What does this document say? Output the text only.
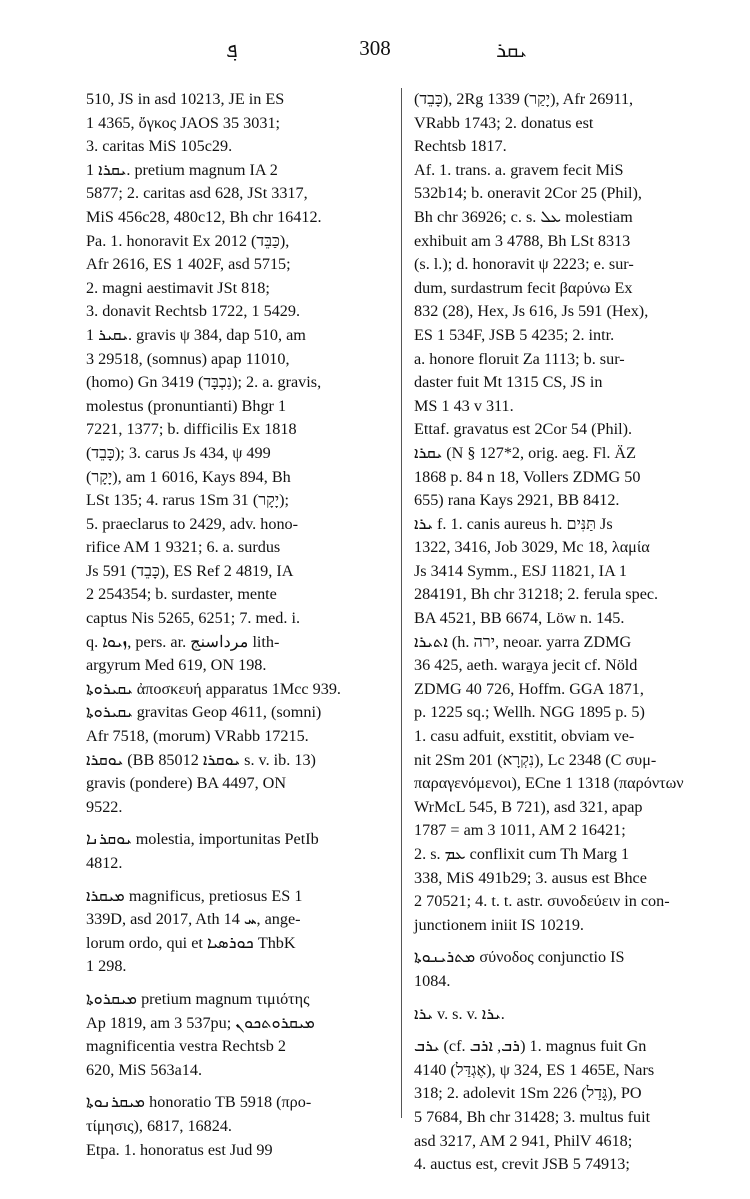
ܦ݂	308	ܝܩܪ
510, JS in asd 10213, JE in ES
1 4365, ὄγκος JAOS 35 3031;
3. caritas MiS 105c29.
ܝܩܪܐ 1. pretium magnum IA 2
5877; 2. caritas asd 628, JSt 3317,
MiS 456c28, 480c12, Bh chr 16412.
Pa. 1. honoravit Ex 2012 (כַּבֵּד),
Afr 2616, ES 1 402F, asd 5715;
2. magni aestimavit JSt 818;
3. donavit Rechtsb 1722, 1 5429.
ܝܩܝܪ 1. gravis ψ 384, dap 510, am
3 29518, (somnus) apap 11010,
(homo) Gn 3419 (נִכְבָּד); 2. a. gravis,
molestus (pronuntianti) Bhgr 1
7221, 1377; b. difficilis Ex 1818
(כָּבֵד); 3. carus Js 434, ψ 499
(יָקָר), am 1 6016, Kays 894, Bh
LSt 135; 4. rarus 1Sm 31 (יָקָר);
5. praeclarus to 2429, adv. hono-
rifice AM 1 9321; 6. a. surdus
Js 591 (כָּבֵד), ES Ref 2 4819, IA
2 254354; b. surdaster, mente
captus Nis 5265, 6251; 7. med. i.
q. ܙܝܘܐ, pers. ar. مرداسنج lith-
argyrum Med 619, ON 198.
ܝܩܝܪܘܬܐ ἀποσκευή apparatus 1Mcc 939.
ܝܩܝܪܘܬܐ gravitas Geop 4611, (somni)
Afr 7518, (morum) VRabb 17215.
ܝܘܩܪܐ (BB 85012 ܝܘܩܪܐ s. v. ib. 13)
gravis (pondere) BA 4497, ON
9522.
ܝܘܩܪܢܐ molestia, importunitas PetIb
4812.
ܡܝܩܪܐ magnificus, pretiosus ES 1
339D, asd 2017, Ath ܚ 14, ange-
lorum ordo, qui et ܟܘܪܣܝܐ ThbK
1 298.
ܡܝܩܪܘܬܐ pretium magnum τιμιότης
Ap 1819, am 3 537pu; ܡܝܩܪܘܬܟܘܢ
magnificentia vestra Rechtsb 2
620, MiS 563a14.
ܡܝܩܪܢܘܬܐ honoratio TB 5918 (προ-
τίμησις), 6817, 16824.
Etpa. 1. honoratus est Jud 99
(כָּבֵד), 2Rg 1339 (יָקַר), Afr 26911,
VRabb 1743; 2. donatus est
Rechtsb 1817.
Af. 1. trans. a. gravem fecit MiS
532b14; b. oneravit 2Cor 25 (Phil),
Bh chr 36926; c. s. ܥܠ molestiam
exhibuit am 3 4788, Bh LSt 8313
(s. l.); d. honoravit ψ 2223; e. sur-
dum, surdastrum fecit βαρύνω Ex
832 (28), Hex, Js 616, Js 591 (Hex),
ES 1 534F, JSB 5 4235; 2. intr.
a. honore floruit Za 1113; b. sur-
daster fuit Mt 1315 CS, JS in
MS 1 43 v 311.
Ettaf. gravatus est 2Cor 54 (Phil).
ܝܩܪܐ (N § 127*2, orig. aeg. Fl. ÄZ
1868 p. 84 n 18, Vollers ZDMG 50
655) rana Kays 2921, BB 8412.
ܝܪܐ f. 1. canis aureus h. תַּנִּים Js
1322, 3416, Job 3029, Mc 18, λαμία
Js 3414 Symm., ESJ 11821, IA 1
284191, Bh chr 31218; 2. ferula spec.
BA 4521, BB 6674, Löw n. 145.
ܐܬܝܪܐ (h. ירה, neoar. yarra ZDMG
36 425, aeth. wara̱ya jecit cf. Nöld
ZDMG 40 726, Hoffm. GGA 1871,
p. 1225 sq.; Wellh. NGG 1895 p. 5)
1. casu adfuit, exstitit, obviam ve-
nit 2Sm 201 (נִקְרָא), Lc 2348 (C συμ-
παραγενόμενοι), ECne 1 1318 (παρόντων
WrMcL 545, B 721), asd 321, apap
1787 = am 3 1011, AM 2 16421;
2. s. ܥܡ conflixit cum Th Marg 1
338, MiS 491b29; 3. ausus est Bhce
2 70521; 4. t. t. astr. συνοδεύειν in con-
junctionem iniit IS 10219.
ܡܬܪܝܢܘܬܐ σύνοδος conjunctio IS
1084.
ܝܪܐ v. s. v. ܝܪܐ.
ܝܪܒ (cf. ܪܒ, ܐܪܒ) 1. magnus fuit Gn
4140 (אֶגְדַּל), ψ 324, ES 1 465E, Nars
318; 2. adolevit 1Sm 226 (גָּדַל), PO
5 7684, Bh chr 31428; 3. multus fuit
asd 3217, AM 2 941, PhilV 4618;
4. auctus est, crevit JSB 5 74913;
